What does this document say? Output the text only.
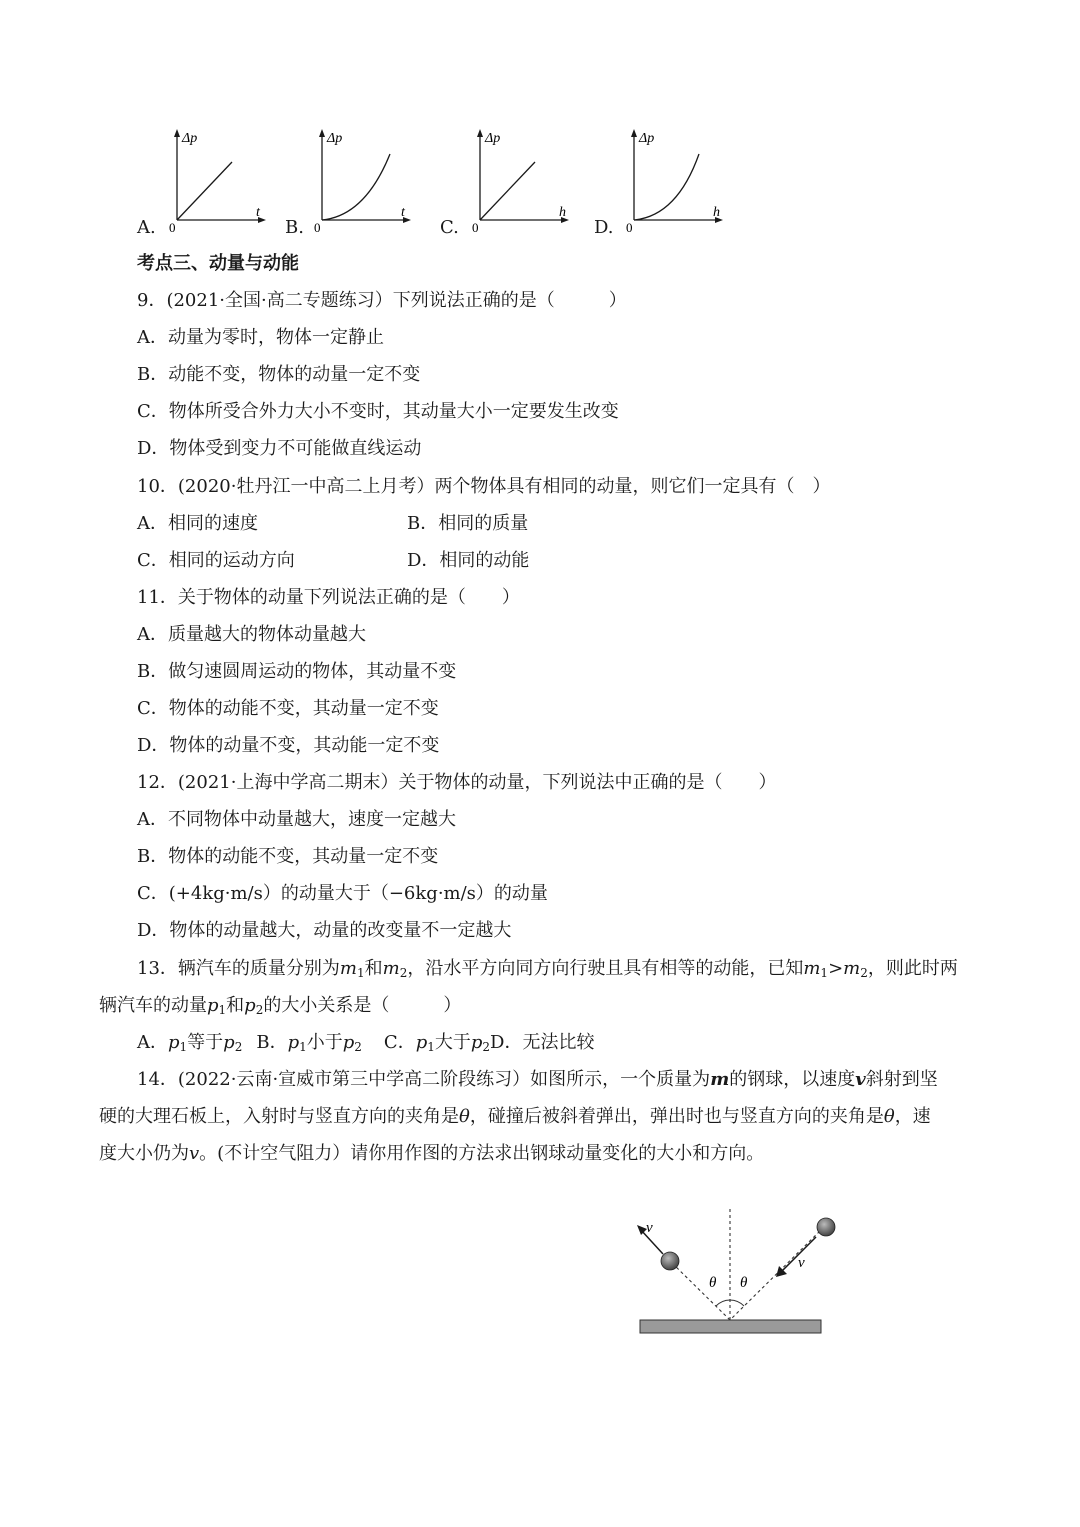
A.
Δp
0
t
B.
Δp
0
t
C.
Δp
0
h
D.
Δp
0
h
考点三、动量与动能
9．(2021·全国·高二专题练习）下列说法正确的是（　　　）
A．动量为零时，物体一定静止
B．动能不变，物体的动量一定不变
C．物体所受合外力大小不变时，其动量大小一定要发生改变
D．物体受到变力不可能做直线运动
10．(2020·牡丹江一中高二上月考）两个物体具有相同的动量，则它们一定具有（　）
A．相同的速度	B．相同的质量
C．相同的运动方向	D．相同的动能
11．关于物体的动量下列说法正确的是（　　）
A．质量越大的物体动量越大
B．做匀速圆周运动的物体，其动量不变
C．物体的动能不变，其动量一定不变
D．物体的动量不变，其动能一定不变
12．(2021·上海中学高二期末）关于物体的动量，下列说法中正确的是（　　）
A．不同物体中动量越大，速度一定越大
B．物体的动能不变，其动量一定不变
C．(+4kg·m/s）的动量大于（−6kg·m/s）的动量
D．物体的动量越大，动量的改变量不一定越大
13．辆汽车的质量分别为$m_1$和$m_2$，沿水平方向同方向行驶且具有相等的动能，已知$m_1>m_2$，则此时两
辆汽车的动量$p_1$和$p_2$的大小关系是（　　　）
A．$p_1$等于$p_2$ B．$p_1$小于$p_2$ C．$p_1$大于$p_2D$．无法比较
14．(2022·云南·宣威市第三中学高二阶段练习）如图所示，一个质量为m的钢球，以速度v斜射到坚
硬的大理石板上，入射时与竖直方向的夹角是θ，碰撞后被斜着弹出，弹出时也与竖直方向的夹角是θ，速
度大小仍为v。(不计空气阻力）请你用作图的方法求出钢球动量变化的大小和方向。
v
v
θ θ
